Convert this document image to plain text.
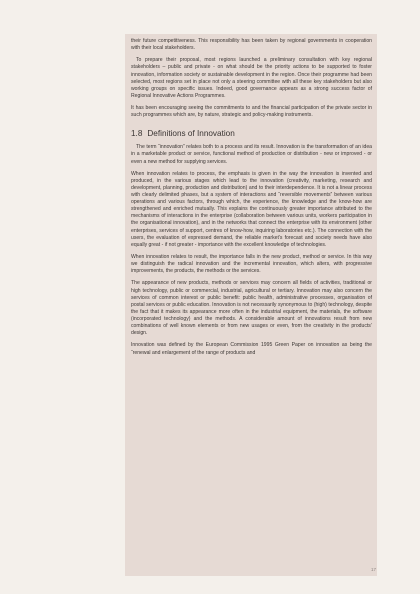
their future competitiveness. This responsibility has been taken by regional governments in cooperation with their local stakeholders.

To prepare their proposal, most regions launched a preliminary consultation with key regional stakeholders – public and private - on what should be the priority actions to be supported to foster innovation, information society or sustainable development in the region. Once their programme had been selected, most regions set in place not only a steering committee with all these key stakeholders but also working groups on specific issues. Indeed, good governance appears as a strong success factor of Regional Innovative Actions Programmes.

It has been encouraging seeing the commitments to and the financial participation of the private sector in such programmes which are, by nature, strategic and policy-making instruments.

1.8 Definitions of Innovation

The term “innovation” relates both to a process and its result. Innovation is the transformation of an idea in a marketable product or service, functional method of production or distribution - new or improved - or even a new method for supplying services.

When innovation relates to process, the emphasis is given in the way the innovation is invented and produced, in the various stages which lead to the innovation (creativity, marketing, research and development, planning, production and distribution) and to their interdependence. It is not a linear process with clearly delimited phases, but a system of interactions and “reversible movements” between various operations and various factors, through which, the experience, the knowledge and the know-how are strengthened and enriched mutually. This explains the continuously greater importance attributed to the mechanisms of interactions in the enterprise (collaboration between various units, workers participation in the organisational innovation), and in the networks that connect the enterprise with its environment (other enterprises, services of support, centres of know-how, inquiring laboratories etc.). The connection with the users, the evaluation of expressed demand, the reliable market’s forecast and society needs have also equally great - if not greater - importance with the excellent knowledge of technologies.

When innovation relates to result, the importance falls in the new product, method or service. In this way we distinguish the radical innovation and the incremental innovation, which alters, with progressive improvements, the products, the methods or the services.

The appearance of new products, methods or services may concern all fields of activities, traditional or high technology, public or commercial, industrial, agricultural or tertiary. Innovation may also concern the services of common interest or public benefit: public health, administrative processes, organisation of postal services or public education. Innovation is not necessarily synonymous to (high) technology, despite the fact that it makes its appearance more often in the industrial equipment, the materials, the software (incorporated technology) and the methods. A considerable amount of innovations result from new combinations of well known elements or from new usages or even, from the creativity in the products’ design.

Innovation was defined by the European Commission 1995 Green Paper on innovation as being the “renewal and enlargement of the range of products and

17
